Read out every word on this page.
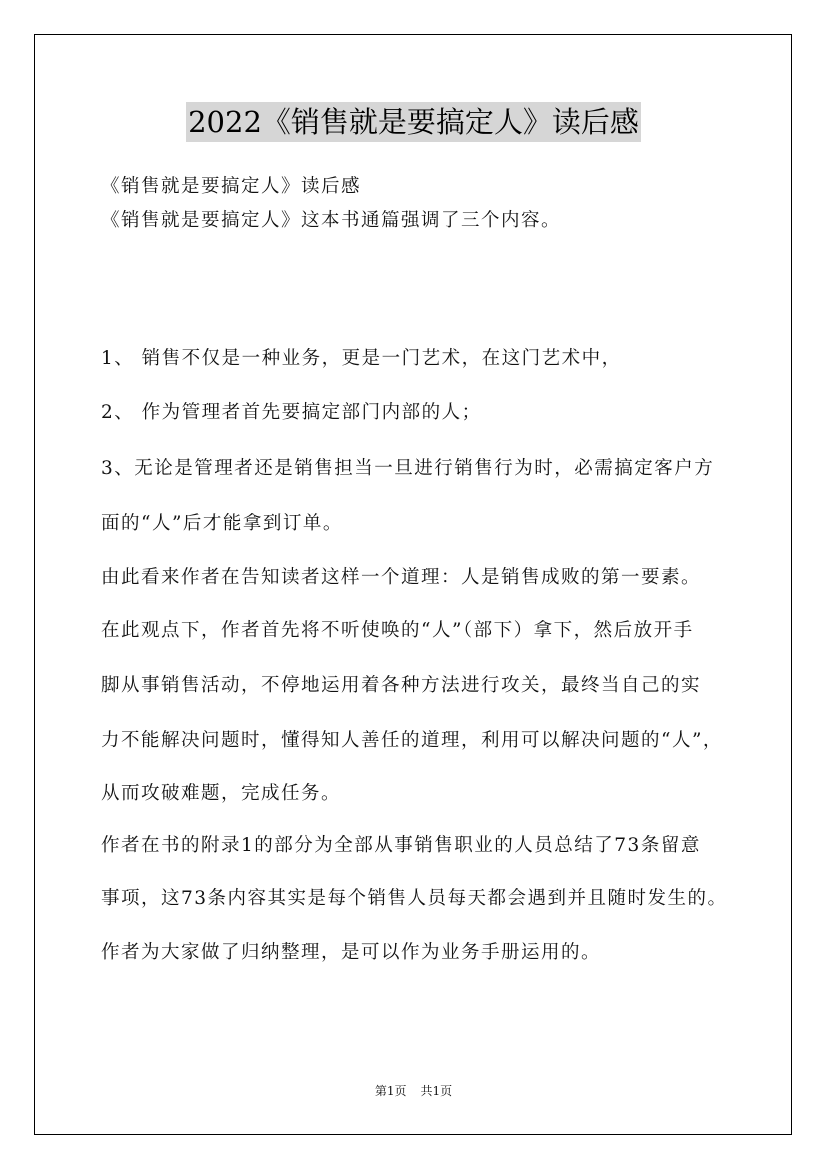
2022《销售就是要搞定人》读后感

《销售就是要搞定人》读后感

《销售就是要搞定人》这本书通篇强调了三个内容。

1、 销售不仅是一种业务，更是一门艺术，在这门艺术中，

2、 作为管理者首先要搞定部门内部的人；

3、无论是管理者还是销售担当一旦进行销售行为时，必需搞定客户方

面的“人”后才能拿到订单。

由此看来作者在告知读者这样一个道理：人是销售成败的第一要素。

在此观点下，作者首先将不听使唤的“人”（部下）拿下，然后放开手

脚从事销售活动，不停地运用着各种方法进行攻关，最终当自己的实

力不能解决问题时，懂得知人善任的道理，利用可以解决问题的“人”，

从而攻破难题，完成任务。

作者在书的附录1的部分为全部从事销售职业的人员总结了73条留意

事项，这73条内容其实是每个销售人员每天都会遇到并且随时发生的。

作者为大家做了归纳整理，是可以作为业务手册运用的。

第1页 共1页
